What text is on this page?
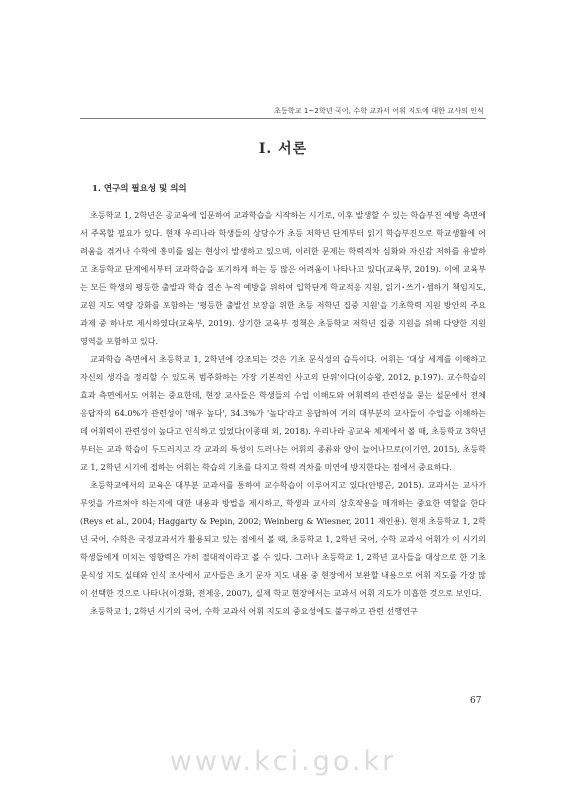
초등학교 1~2학년 국어, 수학 교과서 어휘 지도에 대한 교사의 인식
Ⅰ. 서론
1. 연구의 필요성 및 의의

초등학교 1, 2학년은 공교육에 입문하여 교과학습을 시작하는 시기로, 이후 발생할 수 있는 학습부진 예방 측면에서 주목할 필요가 있다. 현재 우리나라 학생들의 상당수가 초등 저학년 단계부터 읽기 학습부진으로 학교생활에 어려움을 겪거나 수학에 흥미를 잃는 현상이 발생하고 있으며, 이러한 문제는 학력격차 심화와 자신감 저하를 유발하고 초등학교 단계에서부터 교과학습을 포기하게 하는 등 많은 어려움이 나타나고 있다(교육부, 2019). 이에 교육부는 모든 학생의 평등한 출발과 학습 결손 누적 예방을 위하여 입학단계 학교적응 지원, 읽기･쓰기･셈하기 책임지도, 교원 지도 역량 강화를 포함하는 '평등한 출발선 보장을 위한 초등 저학년 집중 지원'을 기초학력 지원 방안의 주요 과제 중 하나로 제시하였다(교육부, 2019). 상기한 교육부 정책은 초등학교 저학년 집중 지원을 위해 다양한 지원 영역을 포함하고 있다.

교과학습 측면에서 초등학교 1, 2학년에 강조되는 것은 기초 문식성의 습득이다. 어휘는 '대상 세계를 이해하고 자신의 생각을 정리할 수 있도록 범주화하는 가장 기본적인 사고의 단위'이다(이승왕, 2012, p.197). 교수학습의 효과 측면에서도 어휘는 중요한데, 현장 교사들은 학생들의 수업 이해도와 어휘력의 관련성을 묻는 설문에서 전체 응답자의 64.0%가 관련성이 '매우 높다', 34.3%가 '높다'라고 응답하여 거의 대부분의 교사들이 수업을 이해하는데 어휘력이 관련성이 높다고 인식하고 있었다(이종태 외, 2018). 우리나라 공교육 체제에서 볼 때, 초등학교 3학년부터는 교과 학습이 두드러지고 각 교과의 특성이 드러나는 어휘의 종류와 양이 늘어나므로(이기연, 2015), 초등학교 1, 2학년 시기에 접하는 어휘는 학습의 기초를 다지고 학력 격차를 미연에 방지한다는 점에서 중요하다.

초등학교에서의 교육은 대부분 교과서를 통하여 교수학습이 이루어지고 있다(안병곤, 2015). 교과서는 교사가 무엇을 가르쳐야 하는지에 대한 내용과 방법을 제시하고, 학생과 교사의 상호작용을 매개하는 중요한 역할을 한다(Reys et al., 2004; Haggarty & Pepin, 2002; Weinberg & Wiesner, 2011 재인용). 현재 초등학교 1, 2학년 국어, 수학은 국정교과서가 활용되고 있는 점에서 볼 때, 초등학교 1, 2학년 국어, 수학 교과서 어휘가 이 시기의 학생들에게 미치는 영향력은 가히 절대적이라고 볼 수 있다. 그러나 초등학교 1, 2학년 교사들을 대상으로 한 기초 문식성 지도 실태와 인식 조사에서 교사들은 초기 문자 지도 내용 중 현장에서 보완할 내용으로 어휘 지도를 가장 많이 선택한 것으로 나타나(이경화, 전제응, 2007), 실제 학교 현장에서는 교과서 어휘 지도가 미흡한 것으로 보인다.

초등학교 1, 2학년 시기의 국어, 수학 교과서 어휘 지도의 중요성에도 불구하고 관련 선행연구

67
www.kci.go.kr
